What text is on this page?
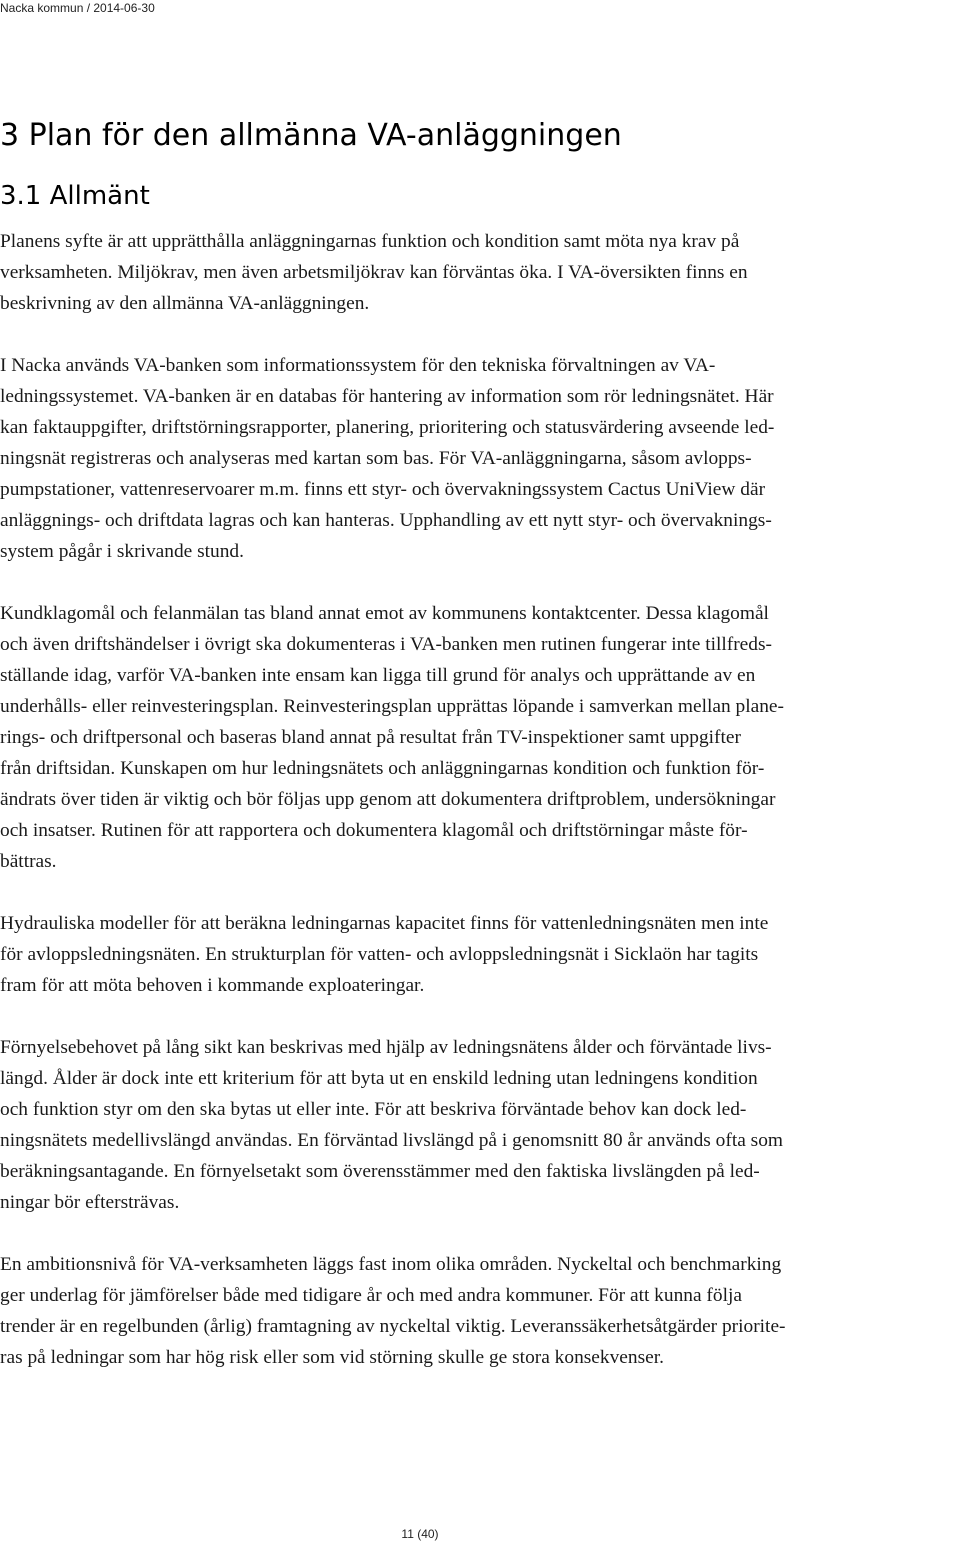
Nacka kommun / 2014-06-30
3 Plan för den allmänna VA-anläggningen
3.1 Allmänt

Planens syfte är att upprätthålla anläggningarnas funktion och kondition samt möta nya krav på
verksamheten. Miljökrav, men även arbetsmiljökrav kan förväntas öka. I VA-översikten finns en
beskrivning av den allmänna VA-anläggningen.

I Nacka används VA-banken som informationssystem för den tekniska förvaltningen av VA-
ledningssystemet. VA-banken är en databas för hantering av information som rör ledningsnätet. Här
kan faktauppgifter, driftstörningsrapporter, planering, prioritering och statusvärdering avseende led-
ningsnät registreras och analyseras med kartan som bas. För VA-anläggningarna, såsom avlopps-
pumpstationer, vattenreservoarer m.m. finns ett styr- och övervakningssystem Cactus UniView där
anläggnings- och driftdata lagras och kan hanteras. Upphandling av ett nytt styr- och övervaknings-
system pågår i skrivande stund.

Kundklagomål och felanmälan tas bland annat emot av kommunens kontaktcenter. Dessa klagomål
och även driftshändelser i övrigt ska dokumenteras i VA-banken men rutinen fungerar inte tillfreds-
ställande idag, varför VA-banken inte ensam kan ligga till grund för analys och upprättande av en
underhålls- eller reinvesteringsplan. Reinvesteringsplan upprättas löpande i samverkan mellan plane-
rings- och driftpersonal och baseras bland annat på resultat från TV-inspektioner samt uppgifter
från driftsidan. Kunskapen om hur ledningsnätets och anläggningarnas kondition och funktion för-
ändrats över tiden är viktig och bör följas upp genom att dokumentera driftproblem, undersökningar
och insatser. Rutinen för att rapportera och dokumentera klagomål och driftstörningar måste för-
bättras.

Hydrauliska modeller för att beräkna ledningarnas kapacitet finns för vattenledningsnäten men inte
för avloppsledningsnäten. En strukturplan för vatten- och avloppsledningsnät i Sicklaön har tagits
fram för att möta behoven i kommande exploateringar.

Förnyelsebehovet på lång sikt kan beskrivas med hjälp av ledningsnätens ålder och förväntade livs-
längd. Ålder är dock inte ett kriterium för att byta ut en enskild ledning utan ledningens kondition
och funktion styr om den ska bytas ut eller inte. För att beskriva förväntade behov kan dock led-
ningsnätets medellivslängd användas. En förväntad livslängd på i genomsnitt 80 år används ofta som
beräkningsantagande. En förnyelsetakt som överensstämmer med den faktiska livslängden på led-
ningar bör eftersträvas.

En ambitionsnivå för VA-verksamheten läggs fast inom olika områden. Nyckeltal och benchmarking
ger underlag för jämförelser både med tidigare år och med andra kommuner. För att kunna följa
trender är en regelbunden (årlig) framtagning av nyckeltal viktig. Leveranssäkerhetsåtgärder priorite-
ras på ledningar som har hög risk eller som vid störning skulle ge stora konsekvenser.

11 (40)
